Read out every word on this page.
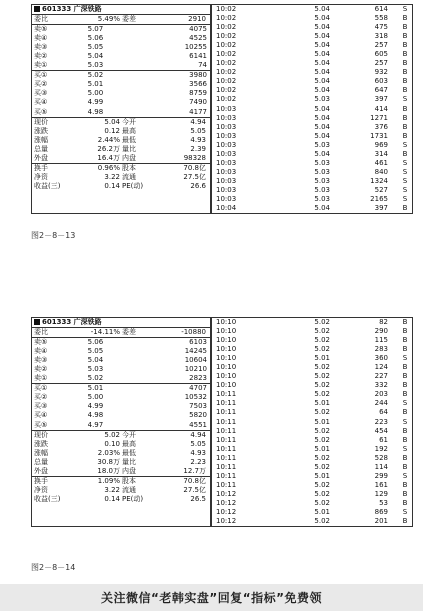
601333 广深铁路
委比	5.49% 委差	2910
卖⑤	5.07	4075
卖④	5.06	4525
卖③	5.05	10255
卖②	5.04	6141
卖①	5.03	74
买①	5.02	3980
买②	5.01	3566
买③	5.00	8759
买④	4.99	7490
买⑤	4.98	4177
现价	5.04 今开	4.94
涨跌	0.12 最高	5.05
涨幅	2.44% 最低	4.93
总量	26.2万 量比	2.39
外盘	16.4万 内盘	98328
换手	0.96% 股本	70.8亿
净资	3.22 流通	27.5亿
收益(三)	0.14 PE(动)	26.6
10:02	5.04	614	S
10:02	5.04	558	B
10:02	5.04	475	B
10:02	5.04	318	B
10:02	5.04	257	B
10:02	5.04	605	B
10:02	5.04	257	B
10:02	5.04	932	B
10:02	5.04	603	B
10:02	5.04	647	B
10:02	5.03	397	S
10:03	5.04	414	B
10:03	5.04	1271	B
10:03	5.04	376	B
10:03	5.04	1731	B
10:03	5.03	969	S
10:03	5.04	314	B
10:03	5.03	461	S
10:03	5.03	840	S
10:03	5.03	1324	S
10:03	5.03	527	S
10:03	5.03	2165	S
10:04	5.04	397	B
图2－8－13
601333 广深铁路
委比	-14.11% 委差	-10880
卖⑤	5.06	6103
卖④	5.05	14245
卖③	5.04	10604
卖②	5.03	10210
卖①	5.02	2823
买①	5.01	4707
买②	5.00	10532
买③	4.99	7503
买④	4.98	5820
买⑤	4.97	4551
现价	5.02 今开	4.94
涨跌	0.10 最高	5.05
涨幅	2.03% 最低	4.93
总量	30.8万 量比	2.23
外盘	18.0万 内盘	12.7万
换手	1.09% 股本	70.8亿
净资	3.22 流通	27.5亿
收益(三)	0.14 PE(动)	26.5
10:10	5.02	82	B
10:10	5.02	290	B
10:10	5.02	115	B
10:10	5.02	283	B
10:10	5.01	360	S
10:10	5.02	124	B
10:10	5.02	227	B
10:10	5.02	332	B
10:11	5.02	203	B
10:11	5.01	244	S
10:11	5.02	64	B
10:11	5.01	223	S
10:11	5.02	454	B
10:11	5.02	61	B
10:11	5.01	192	S
10:11	5.02	528	B
10:11	5.02	114	B
10:11	5.01	299	S
10:11	5.02	161	B
10:12	5.02	129	B
10:12	5.02	53	B
10:12	5.01	869	S
10:12	5.02	201	B
图2－8－14
关注微信“老韩实盘”回复“指标”免费领
